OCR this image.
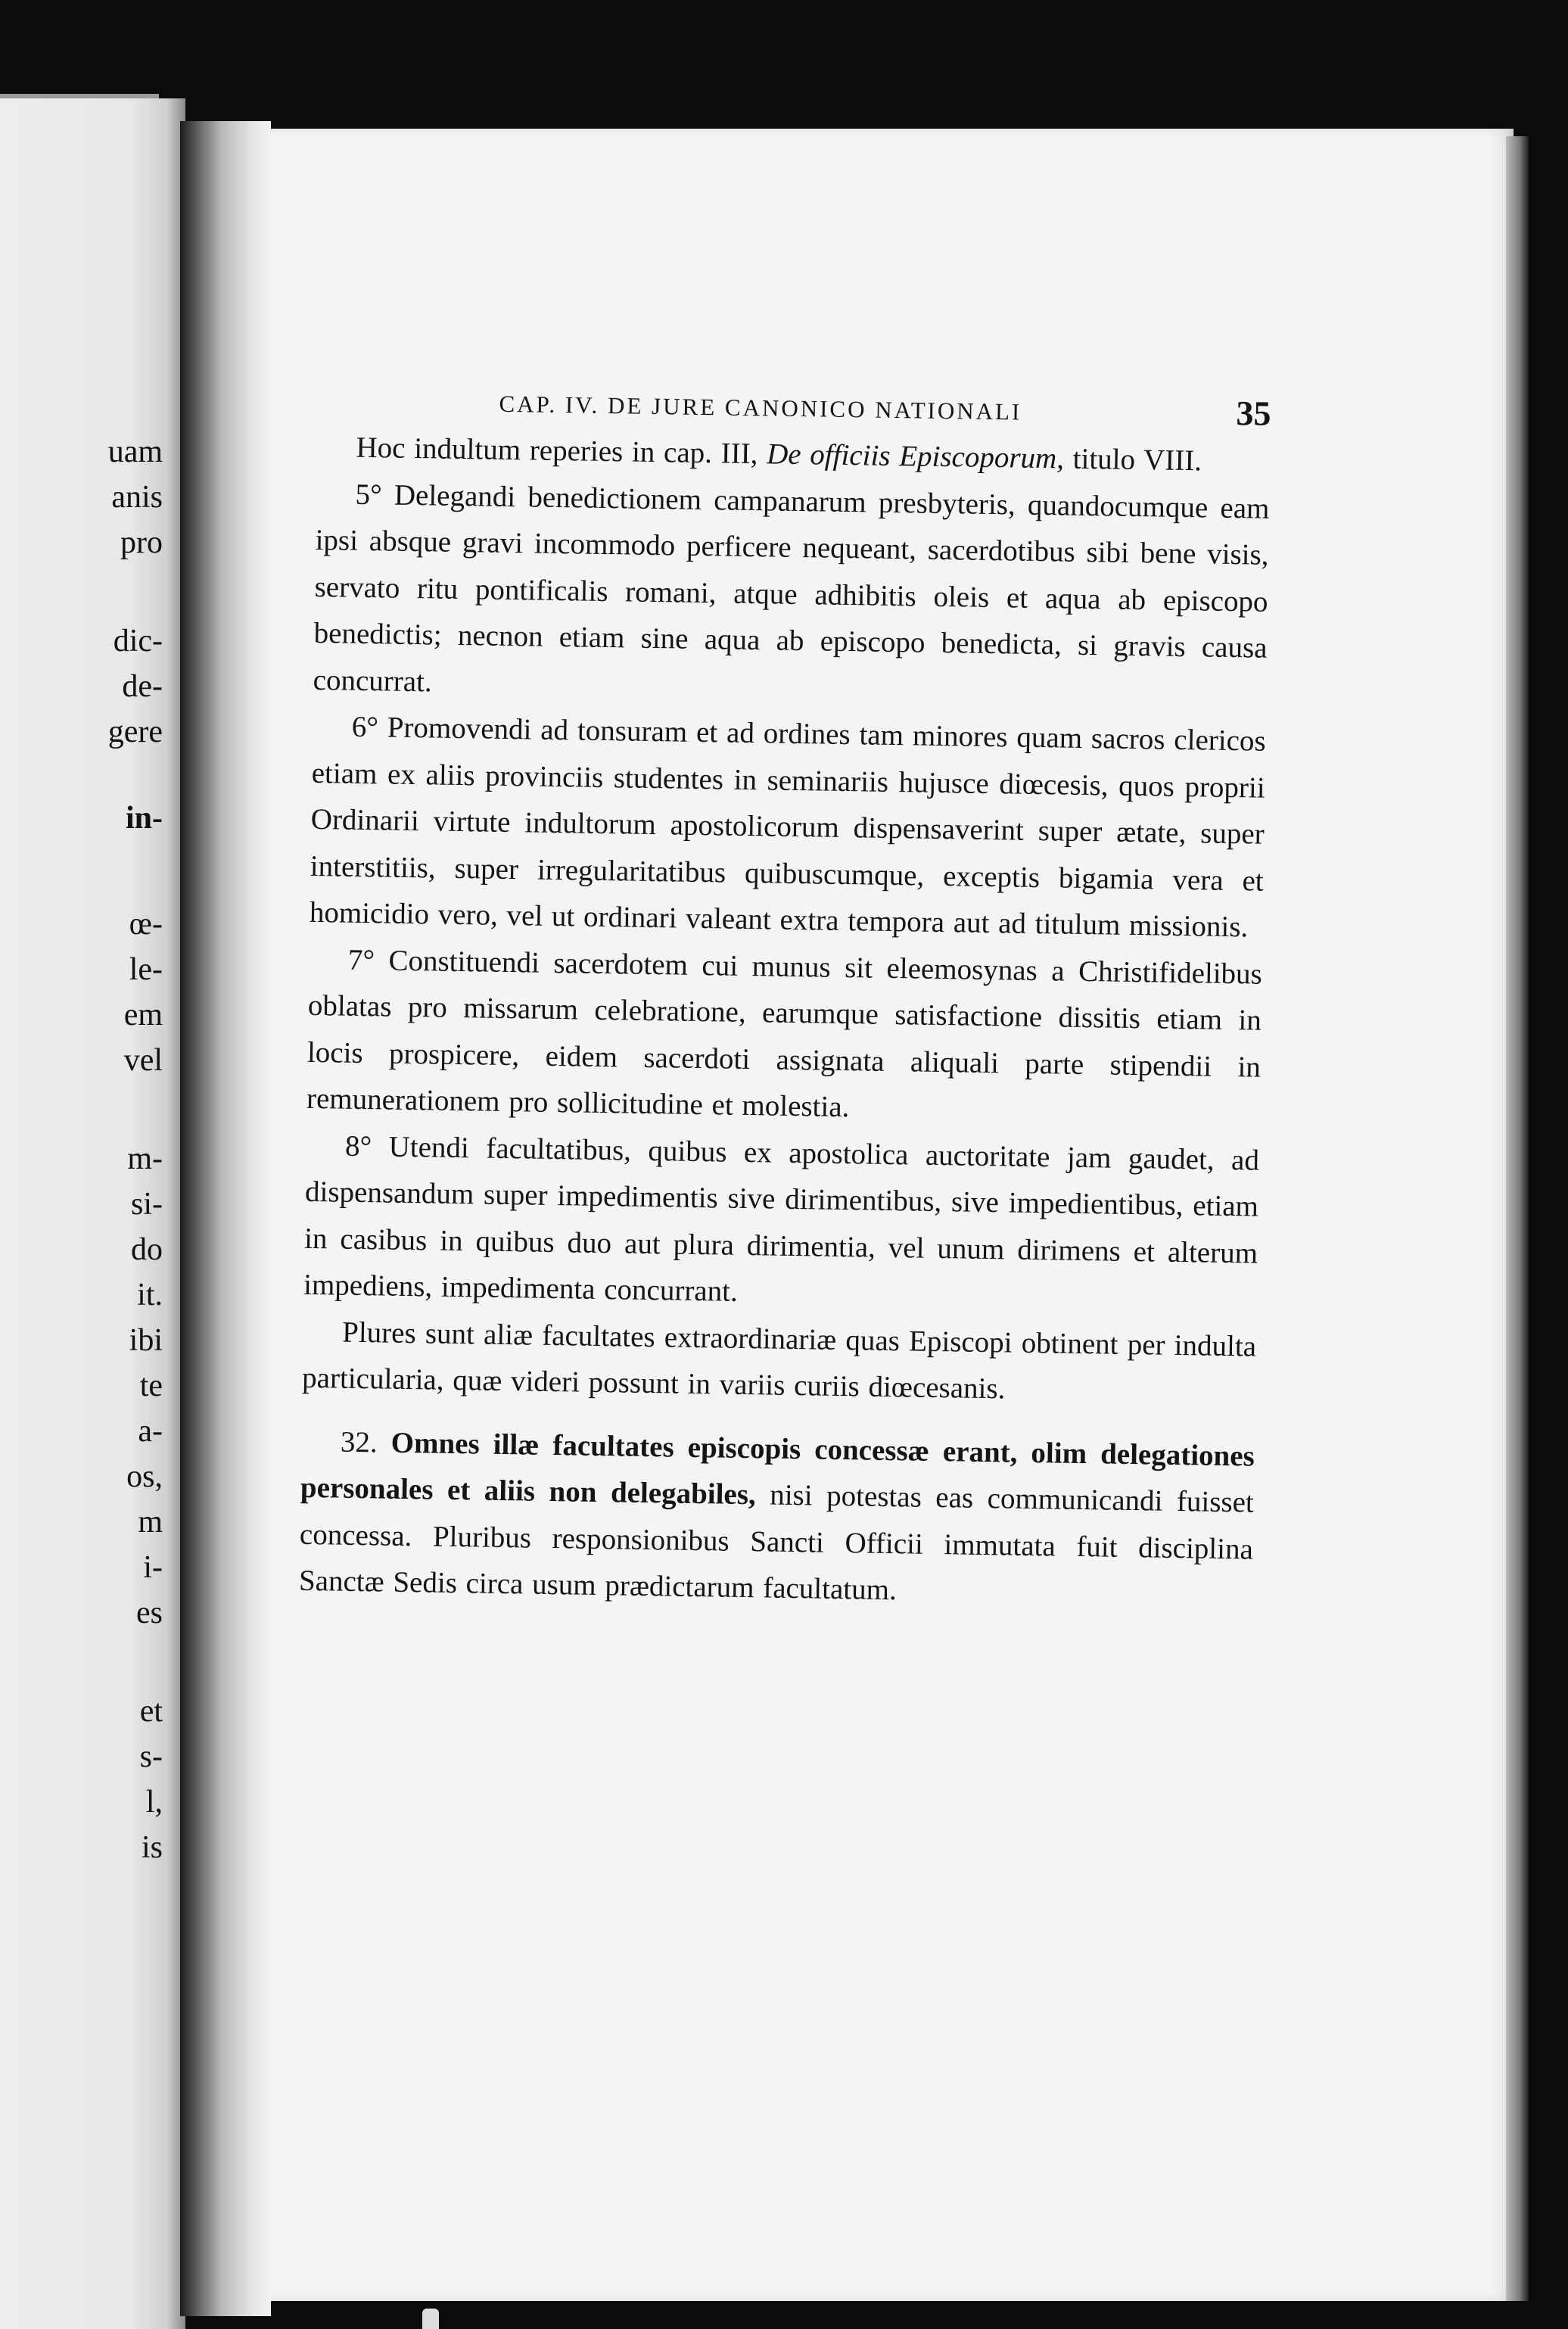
uam
anis
pro
dic-
de-
gere
in-
œ-
le-
em
vel
m-
si-
do
it.
ibi
te
a-
os,
m
i-
es
et
s-
l,
is
CAP. IV. DE JURE CANONICO NATIONALI	35

Hoc indultum reperies in cap. III, De officiis Episcoporum, titulo VIII.

5° Delegandi benedictionem campanarum presbyteris, quandocumque eam ipsi absque gravi incommodo perficere nequeant, sacerdotibus sibi bene visis, servato ritu pontificalis romani, atque adhibitis oleis et aqua ab episcopo benedictis; necnon etiam sine aqua ab episcopo benedicta, si gravis causa concurrat.

6° Promovendi ad tonsuram et ad ordines tam minores quam sacros clericos etiam ex aliis provinciis studentes in seminariis hujusce diœcesis, quos proprii Ordinarii virtute indultorum apostolicorum dispensaverint super ætate, super interstitiis, super irregularitatibus quibuscumque, exceptis bigamia vera et homicidio vero, vel ut ordinari valeant extra tempora aut ad titulum missionis.

7° Constituendi sacerdotem cui munus sit eleemosynas a Christifidelibus oblatas pro missarum celebratione, earumque satisfactione dissitis etiam in locis prospicere, eidem sacerdoti assignata aliquali parte stipendii in remunerationem pro sollicitudine et molestia.

8° Utendi facultatibus, quibus ex apostolica auctoritate jam gaudet, ad dispensandum super impedimentis sive dirimentibus, sive impedientibus, etiam in casibus in quibus duo aut plura dirimentia, vel unum dirimens et alterum impediens, impedimenta concurrant.

Plures sunt aliæ facultates extraordinariæ quas Episcopi obtinent per indulta particularia, quæ videri possunt in variis curiis diœcesanis.

32. Omnes illæ facultates episcopis concessæ erant, olim delegationes personales et aliis non delegabiles, nisi potestas eas communicandi fuisset concessa. Pluribus responsionibus Sancti Officii immutata fuit disciplina Sanctæ Sedis circa usum prædictarum facultatum.
